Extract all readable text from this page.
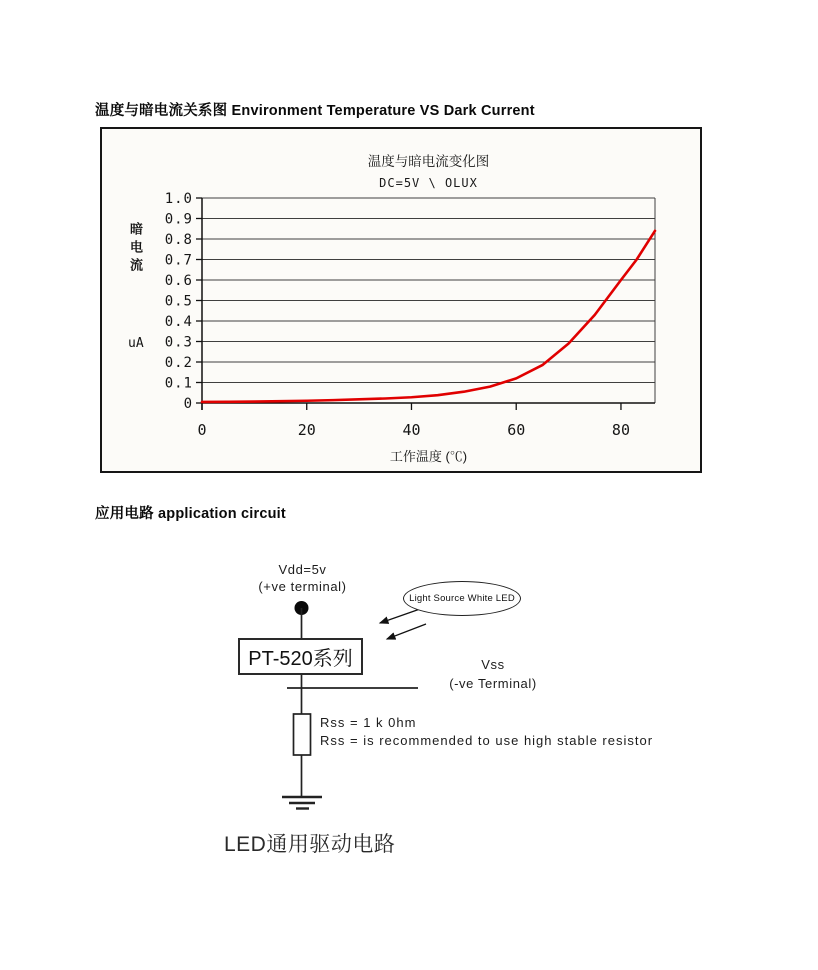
温度与暗电流关系图 Environment Temperature VS Dark Current
1.0
0.9
0.8
0.7
0.6
0.5
0.4
0.3
0.2
0.1
0
0	20	40	60	80
温度与暗电流变化图
DC=5V \ OLUX
暗电流
uA
工作温度 (℃)
应用电路 application circuit
Vdd=5v
(+ve terminal)
PT-520系列
Light Source White LED
Vss
(-ve Terminal)
Rss = 1 k 0hm
Rss = is recommended to use high stable resistor
LED通用驱动电路
